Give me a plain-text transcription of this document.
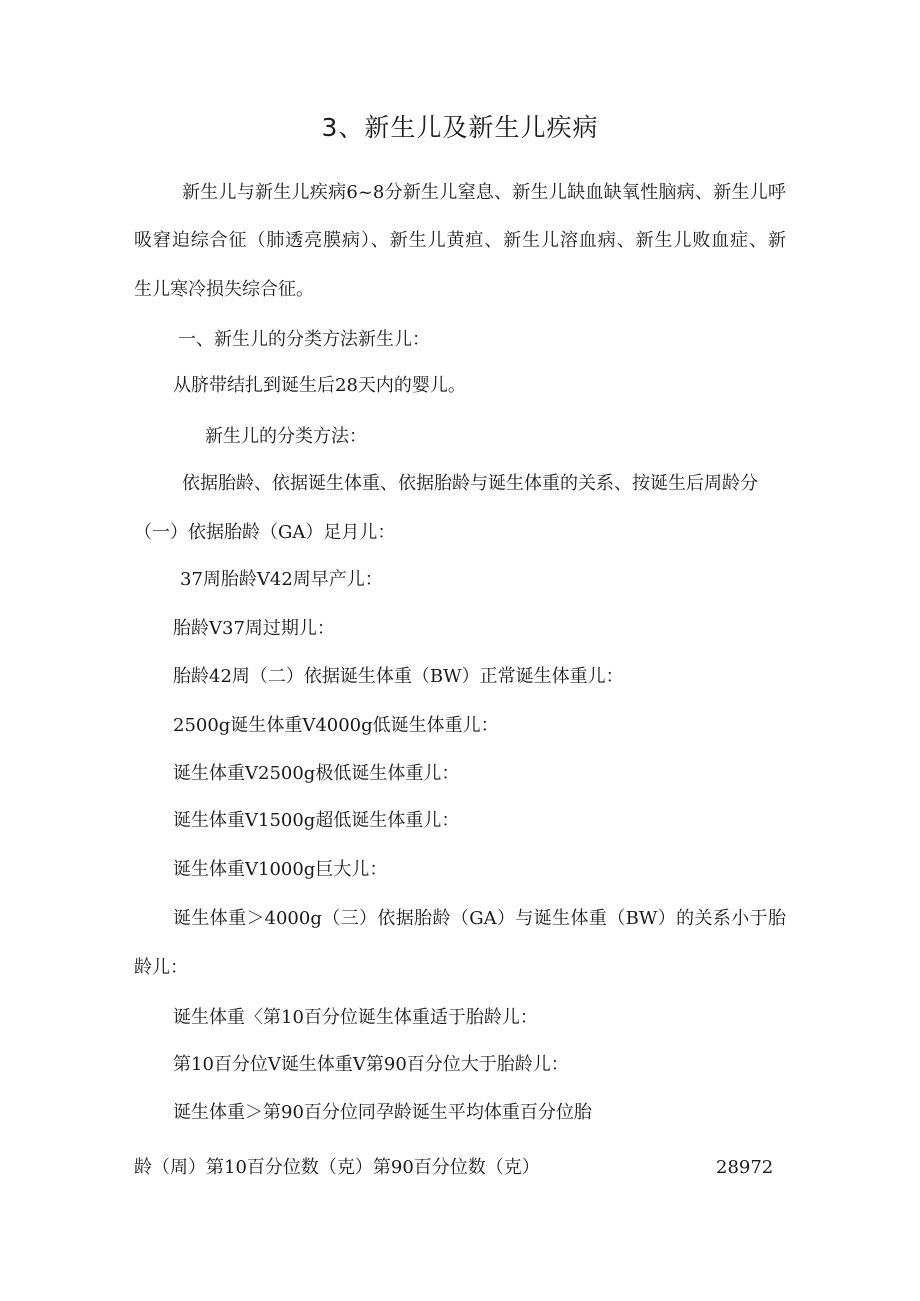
3、新生儿及新生儿疾病
新生儿与新生儿疾病6~8分新生儿窒息、新生儿缺血缺氧性脑病、新生儿呼
吸窘迫综合征（肺透亮膜病）、新生儿黄疸、新生儿溶血病、新生儿败血症、新
生儿寒冷损失综合征。
一、新生儿的分类方法新生儿：
从脐带结扎到诞生后28天内的婴儿。
新生儿的分类方法：
依据胎龄、依据诞生体重、依据胎龄与诞生体重的关系、按诞生后周龄分
（一）依据胎龄（GA）足月儿：
37周胎龄V42周早产儿：
胎龄V37周过期儿：
胎龄42周（二）依据诞生体重（BW）正常诞生体重儿：
2500g诞生体重V4000g低诞生体重儿：
诞生体重V2500g极低诞生体重儿：
诞生体重V1500g超低诞生体重儿：
诞生体重V1000g巨大儿：
诞生体重＞4000g（三）依据胎龄（GA）与诞生体重（BW）的关系小于胎
龄儿：
诞生体重〈第10百分位诞生体重适于胎龄儿：
第10百分位V诞生体重V第90百分位大于胎龄儿：
诞生体重＞第90百分位同孕龄诞生平均体重百分位胎
龄（周）第10百分位数（克）第90百分位数（克）	28972
